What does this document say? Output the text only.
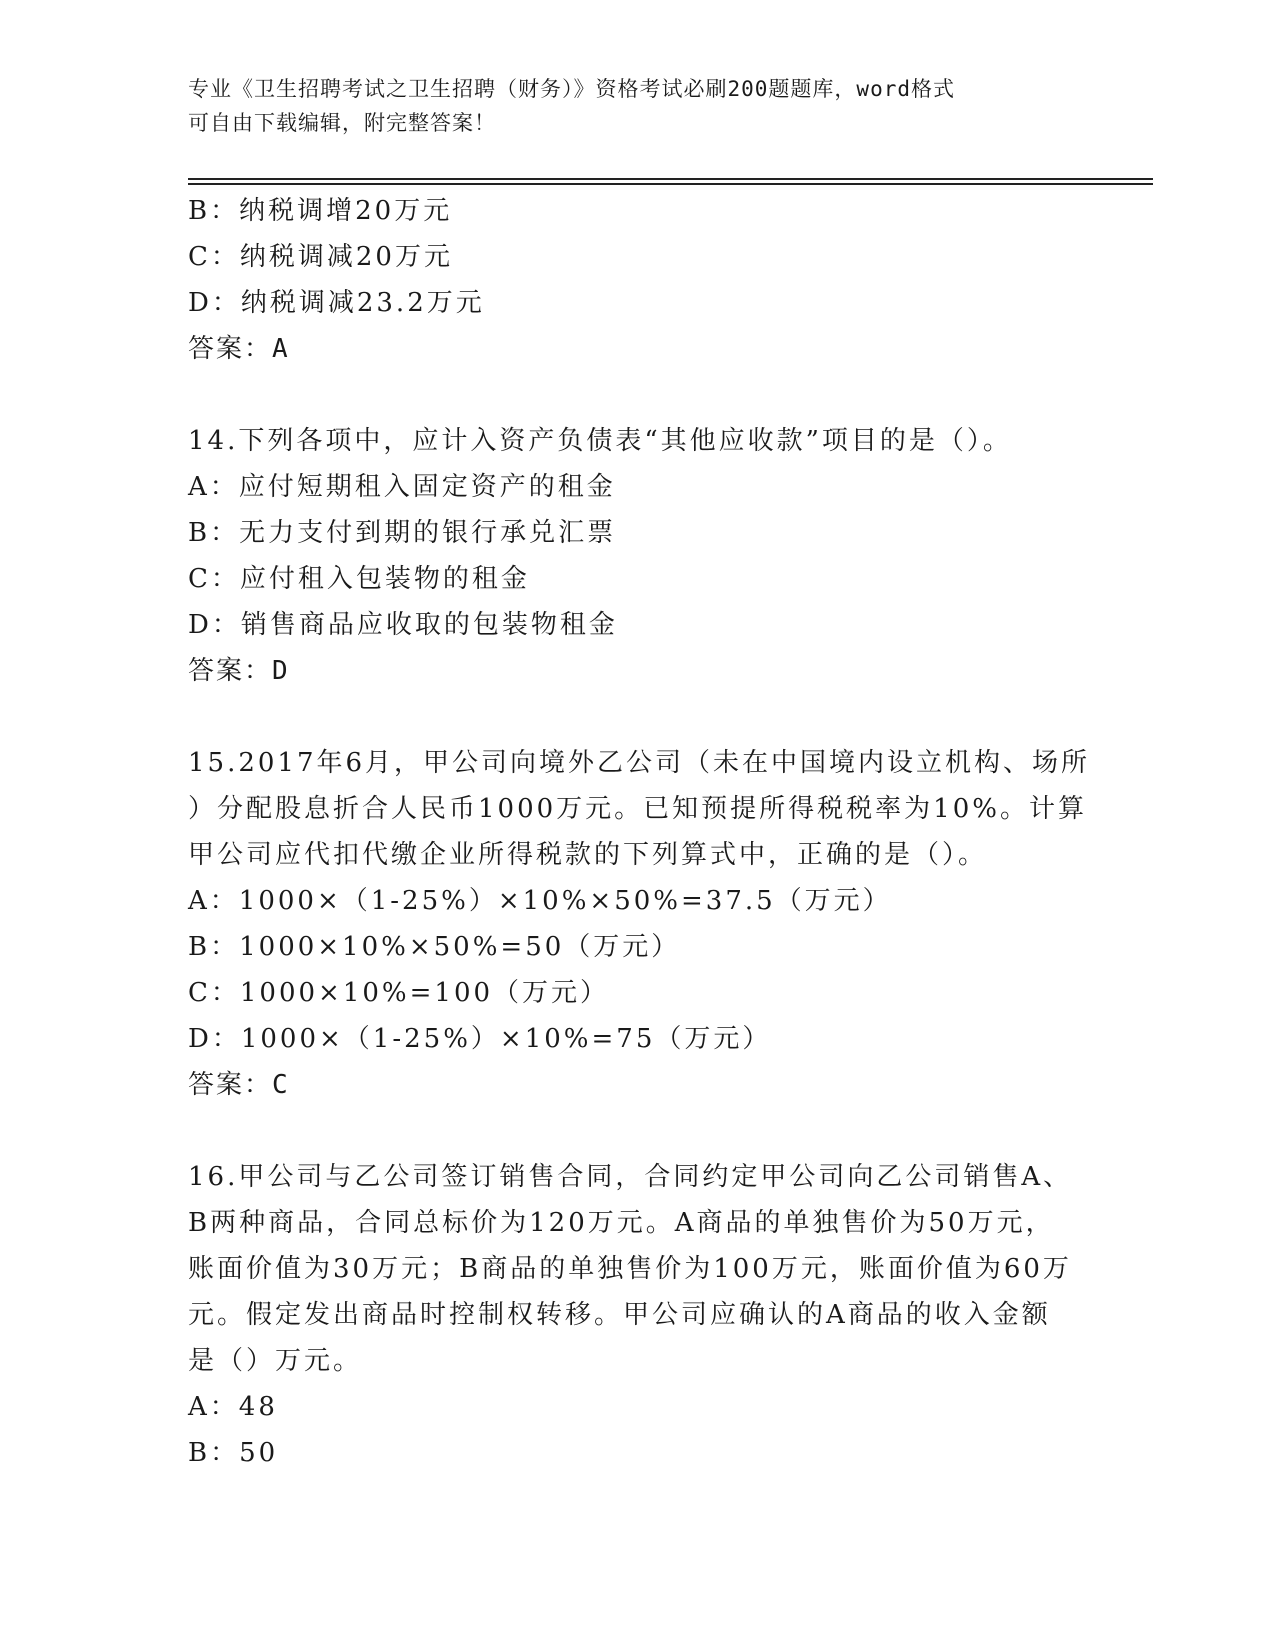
专业《卫生招聘考试之卫生招聘（财务）》资格考试必刷200题题库，word格式
可自由下载编辑，附完整答案！
B：纳税调增20万元
C：纳税调减20万元
D：纳税调减23.2万元
答案：A
14.下列各项中，应计入资产负债表“其他应收款”项目的是（）。
A：应付短期租入固定资产的租金
B：无力支付到期的银行承兑汇票
C：应付租入包装物的租金
D：销售商品应收取的包装物租金
答案：D
15.2017年6月，甲公司向境外乙公司（未在中国境内设立机构、场所
）分配股息折合人民币1000万元。已知预提所得税税率为10%。计算
甲公司应代扣代缴企业所得税款的下列算式中，正确的是（）。
A：1000×（1-25%）×10%×50%=37.5（万元）
B：1000×10%×50%=50（万元）
C：1000×10%=100（万元）
D：1000×（1-25%）×10%=75（万元）
答案：C
16.甲公司与乙公司签订销售合同，合同约定甲公司向乙公司销售A、
B两种商品，合同总标价为120万元。A商品的单独售价为50万元，
账面价值为30万元；B商品的单独售价为100万元，账面价值为60万
元。假定发出商品时控制权转移。甲公司应确认的A商品的收入金额
是（）万元。
A：48
B：50
